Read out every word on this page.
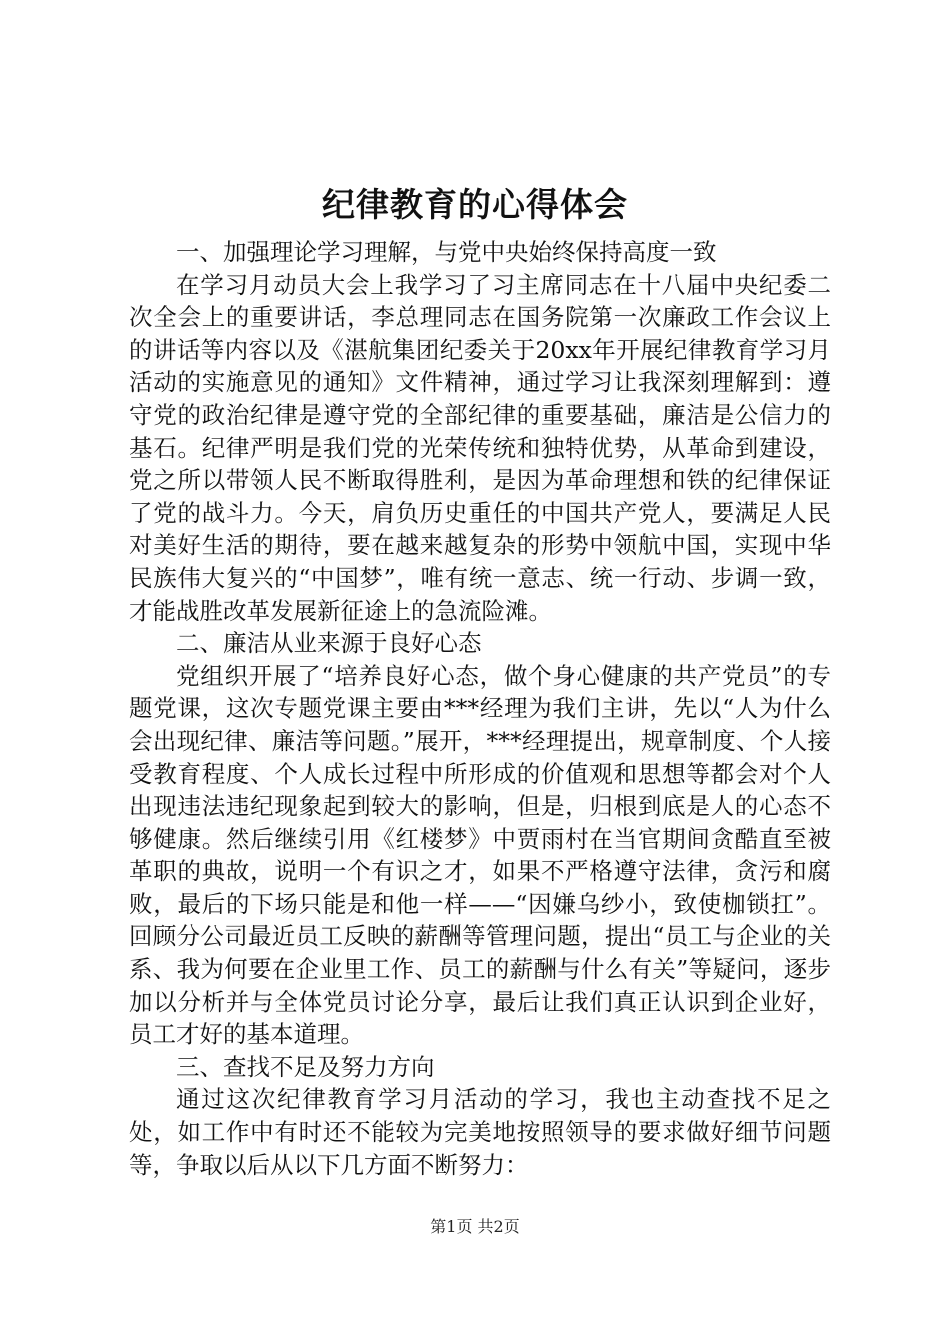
纪律教育的心得体会

一、加强理论学习理解，与党中央始终保持高度一致

在学习月动员大会上我学习了习主席同志在十八届中央纪委二次全会上的重要讲话，李总理同志在国务院第一次廉政工作会议上的讲话等内容以及《湛航集团纪委关于20xx年开展纪律教育学习月活动的实施意见的通知》文件精神，通过学习让我深刻理解到：遵守党的政治纪律是遵守党的全部纪律的重要基础，廉洁是公信力的基石。纪律严明是我们党的光荣传统和独特优势，从革命到建设，党之所以带领人民不断取得胜利，是因为革命理想和铁的纪律保证了党的战斗力。今天，肩负历史重任的中国共产党人，要满足人民对美好生活的期待，要在越来越复杂的形势中领航中国，实现中华民族伟大复兴的“中国梦”，唯有统一意志、统一行动、步调一致，才能战胜改革发展新征途上的急流险滩。

二、廉洁从业来源于良好心态

党组织开展了“培养良好心态，做个身心健康的共产党员”的专题党课，这次专题党课主要由***经理为我们主讲，先以“人为什么会出现纪律、廉洁等问题。”展开，***经理提出，规章制度、个人接受教育程度、个人成长过程中所形成的价值观和思想等都会对个人出现违法违纪现象起到较大的影响，但是，归根到底是人的心态不够健康。然后继续引用《红楼梦》中贾雨村在当官期间贪酷直至被革职的典故，说明一个有识之才，如果不严格遵守法律，贪污和腐败，最后的下场只能是和他一样——“因嫌乌纱小，致使枷锁扛”。回顾分公司最近员工反映的薪酬等管理问题，提出“员工与企业的关系、我为何要在企业里工作、员工的薪酬与什么有关”等疑问，逐步加以分析并与全体党员讨论分享，最后让我们真正认识到企业好，员工才好的基本道理。

三、查找不足及努力方向

通过这次纪律教育学习月活动的学习，我也主动查找不足之处，如工作中有时还不能较为完美地按照领导的要求做好细节问题等，争取以后从以下几方面不断努力：

第1页 共2页
